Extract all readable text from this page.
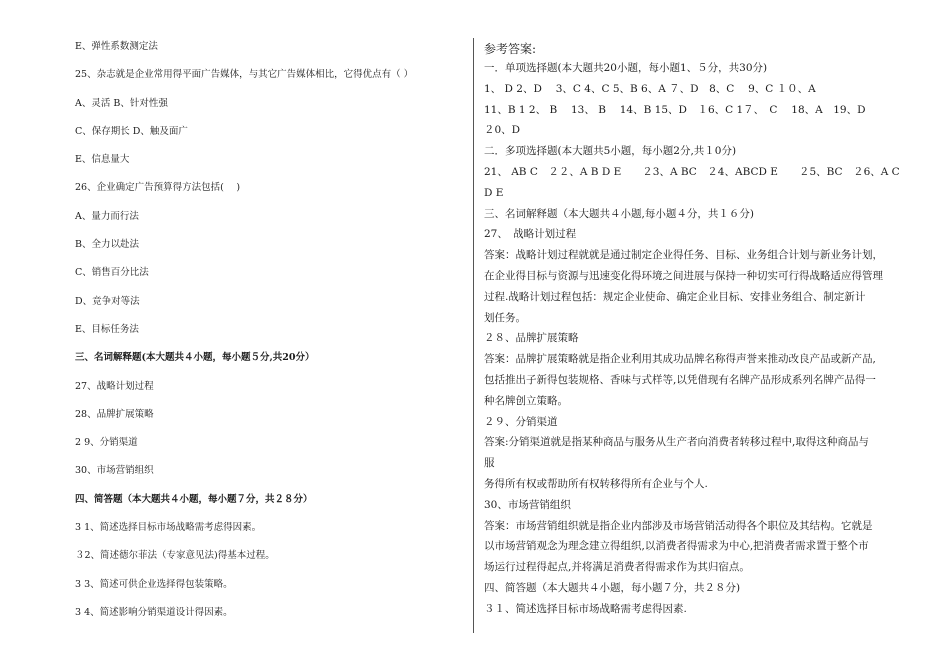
E、弹性系数测定法
25、杂志就是企业常用得平面广告媒体，与其它广告媒体相比，它得优点有（ ）
A、灵活 B、针对性强
C、保存期长 D、触及面广
E、信息量大
26、企业确定广告预算得方法包括(　 )
A、量力而行法
B、全力以赴法
C、销售百分比法
D、竞争对等法
E、目标任务法
三、名词解释题(本大题共４小题，每小题５分,共20分）
27、战略计划过程
28、品牌扩展策略
2 9、分销渠道
30、市场营销组织
四、简答题（本大题共４小题，每小题７分，共２８分）
3 1、简述选择目标市场战略需考虑得因素。
３2、简述德尔菲法（专家意见法)得基本过程。
3 3、简述可供企业选择得包装策略。
3 4、简述影响分销渠道设计得因素。
参考答案:
一．单项选择题(本大题共20小题，每小题1、５分，共30分)
1、 D 2、D　 3、C 4、C 5、B 6、A ７、D　8、C　 9、C １０、A
11、B 1 2、 B　 13、 B　 14、B 15、D　１6、C 1７、　C　 18、A　19、D
２0、D
二．多项选择题(本大题共5小题，每小题2分,共１0分)
21、 AB C　２２、A B D E　　２3、A BC　２4、ABCD E　　２5、BC　２6、A C
D E
三、名词解释题（本大题共４小题,每小题４分，共１６分)
27、　战略计划过程
答案：战略计划过程就就是通过制定企业得任务、目标、业务组合计划与新业务计划，
在企业得目标与资源与迅速变化得环境之间进展与保持一种切实可行得战略适应得管理
过程.战略计划过程包括：规定企业使命、确定企业目标、安排业务组合、制定新计
划任务。
２８、品牌扩展策略
答案：品牌扩展策略就是指企业利用其成功品牌名称得声誉来推动改良产品或新产品,
包括推出子新得包装规格、香味与式样等,以凭借现有名牌产品形成系列名牌产品得一
种名牌创立策略。
２９、分销渠道
答案:分销渠道就是指某种商品与服务从生产者向消费者转移过程中,取得这种商品与
服
务得所有权或帮助所有权转移得所有企业与个人.
30、市场营销组织
答案：市场营销组织就是指企业内部涉及市场营销活动得各个职位及其结构。它就是
以市场营销观念为理念建立得组织,以消费者得需求为中心,把消费者需求置于整个市
场运行过程得起点,并将满足消费者得需求作为其归宿点。
四、简答题（本大题共４小题，每小题７分，共２８分)
３１、简述选择目标市场战略需考虑得因素.
